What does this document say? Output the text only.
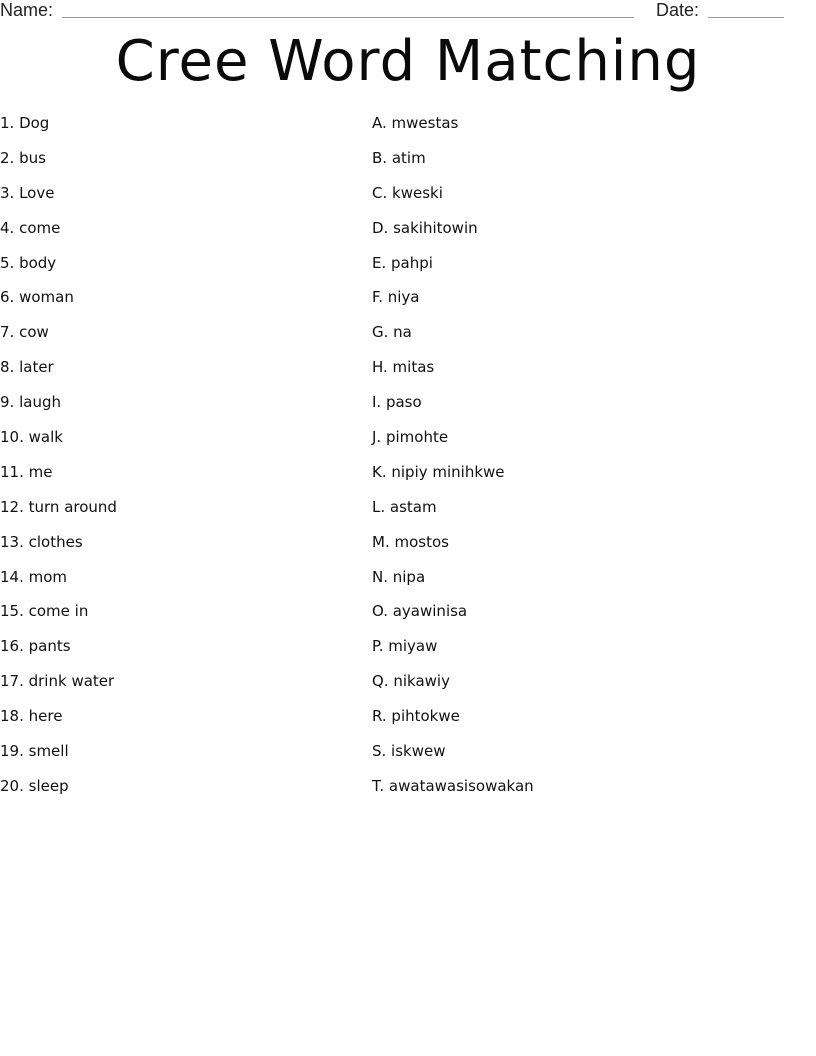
Name:	Date:
Cree Word Matching
1. Dog
2. bus
3. Love
4. come
5. body
6. woman
7. cow
8. later
9. laugh
10. walk
11. me
12. turn around
13. clothes
14. mom
15. come in
16. pants
17. drink water
18. here
19. smell
20. sleep
A. mwestas
B. atim
C. kweski
D. sakihitowin
E. pahpi
F. niya
G. na
H. mitas
I. paso
J. pimohte
K. nipiy minihkwe
L. astam
M. mostos
N. nipa
O. ayawinisa
P. miyaw
Q. nikawiy
R. pihtokwe
S. iskwew
T. awatawasisowakan
